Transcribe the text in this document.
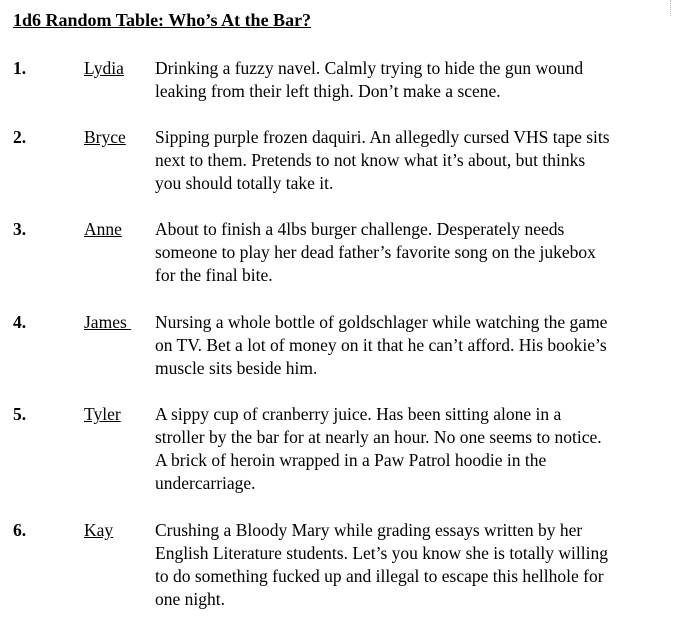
1d6 Random Table: Who’s At the Bar?
1.	Lydia Drinking a fuzzy navel. Calmly trying to hide the gun wound
leaking from their left thigh. Don’t make a scene.
2.	Bryce Sipping purple frozen daquiri. An allegedly cursed VHS tape sits
next to them. Pretends to not know what it’s about, but thinks
you should totally take it.
3.	Anne About to finish a 4lbs burger challenge. Desperately needs
someone to play her dead father’s favorite song on the jukebox
for the final bite.
4.	James Nursing a whole bottle of goldschlager while watching the game
on TV. Bet a lot of money on it that he can’t afford. His bookie’s
muscle sits beside him.
5.	Tyler A sippy cup of cranberry juice. Has been sitting alone in a
stroller by the bar for at nearly an hour. No one seems to notice.
A brick of heroin wrapped in a Paw Patrol hoodie in the
undercarriage.
6.	Kay Crushing a Bloody Mary while grading essays written by her
English Literature students. Let’s you know she is totally willing
to do something fucked up and illegal to escape this hellhole for
one night.
